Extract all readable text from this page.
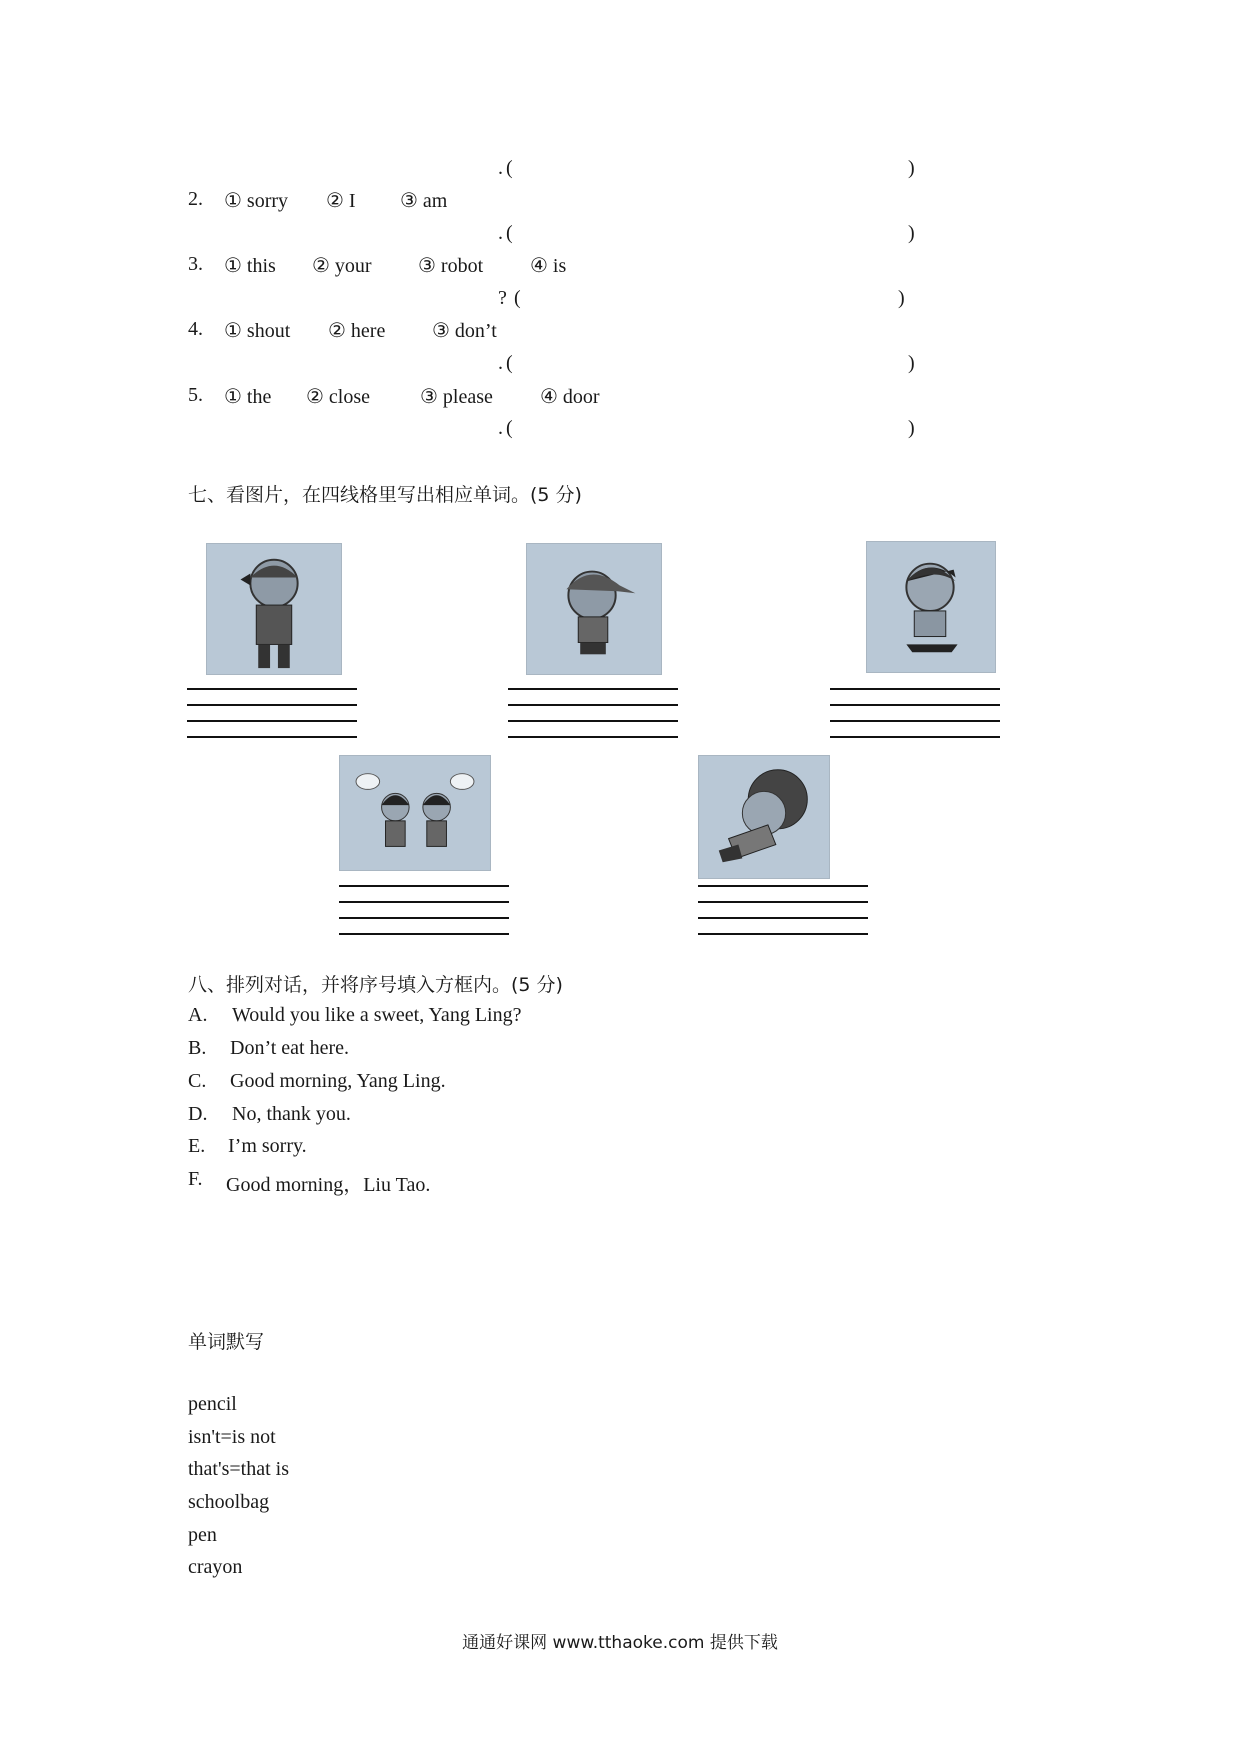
. (	)
2. ① sorry ② I ③ am
. (	)
3. ① this ② your ③ robot ④ is
? (	)
4. ① shout ② here ③ don’t
. (	)
5. ① the ② close ③ please ④ door
. (	)
七、看图片，在四线格里写出相应单词。(5 分)
八、排列对话，并将序号填入方框内。(5 分)
A. Would you like a sweet, Yang Ling?
B. Don’t eat here.
C. Good morning, Yang Ling.
D. No, thank you.
E. I’m sorry.
F. Good morning，Liu Tao.
单词默写
pencil
isn't=is not
that's=that is
schoolbag
pen
crayon
通通好课网 www.tthaoke.com 提供下载
